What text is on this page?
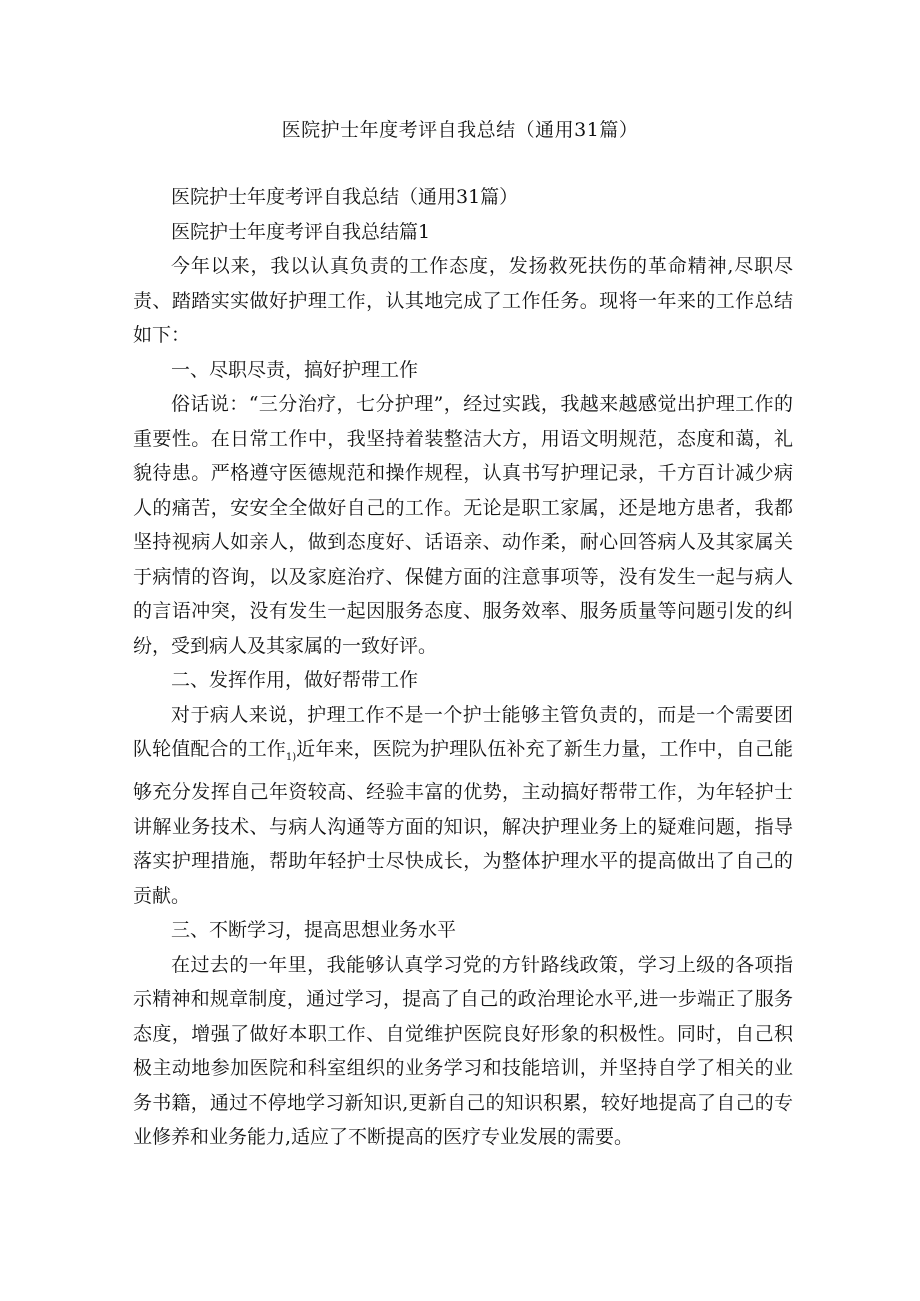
医院护士年度考评自我总结（通用31篇）

医院护士年度考评自我总结（通用31篇）

医院护士年度考评自我总结篇1

今年以来，我以认真负责的工作态度，发扬救死扶伤的革命精神,尽职尽责、踏踏实实做好护理工作，认其地完成了工作任务。现将一年来的工作总结如下：

一、尽职尽责，搞好护理工作

俗话说：“三分治疗，七分护理”，经过实践，我越来越感觉出护理工作的重要性。在日常工作中，我坚持着装整洁大方，用语文明规范，态度和蔼，礼貌待患。严格遵守医德规范和操作规程，认真书写护理记录，千方百计减少病人的痛苦，安安全全做好自己的工作。无论是职工家属，还是地方患者，我都坚持视病人如亲人，做到态度好、话语亲、动作柔，耐心回答病人及其家属关于病情的咨询，以及家庭治疗、保健方面的注意事项等，没有发生一起与病人的言语冲突，没有发生一起因服务态度、服务效率、服务质量等问题引发的纠纷，受到病人及其家属的一致好评。

二、发挥作用，做好帮带工作

对于病人来说，护理工作不是一个护士能够主管负责的，而是一个需要团队轮值配合的工作$_{1)}$近年来，医院为护理队伍补充了新生力量，工作中，自己能够充分发挥自己年资较高、经验丰富的优势，主动搞好帮带工作，为年轻护士讲解业务技术、与病人沟通等方面的知识，解决护理业务上的疑难问题，指导落实护理措施，帮助年轻护士尽快成长，为整体护理水平的提高做出了自己的贡献。

三、不断学习，提高思想业务水平

在过去的一年里，我能够认真学习党的方针路线政策，学习上级的各项指示精神和规章制度，通过学习，提高了自己的政治理论水平,进一步端正了服务态度，增强了做好本职工作、自觉维护医院良好形象的积极性。同时，自己积极主动地参加医院和科室组织的业务学习和技能培训，并坚持自学了相关的业务书籍，通过不停地学习新知识,更新自己的知识积累，较好地提高了自己的专业修养和业务能力,适应了不断提高的医疗专业发展的需要。
